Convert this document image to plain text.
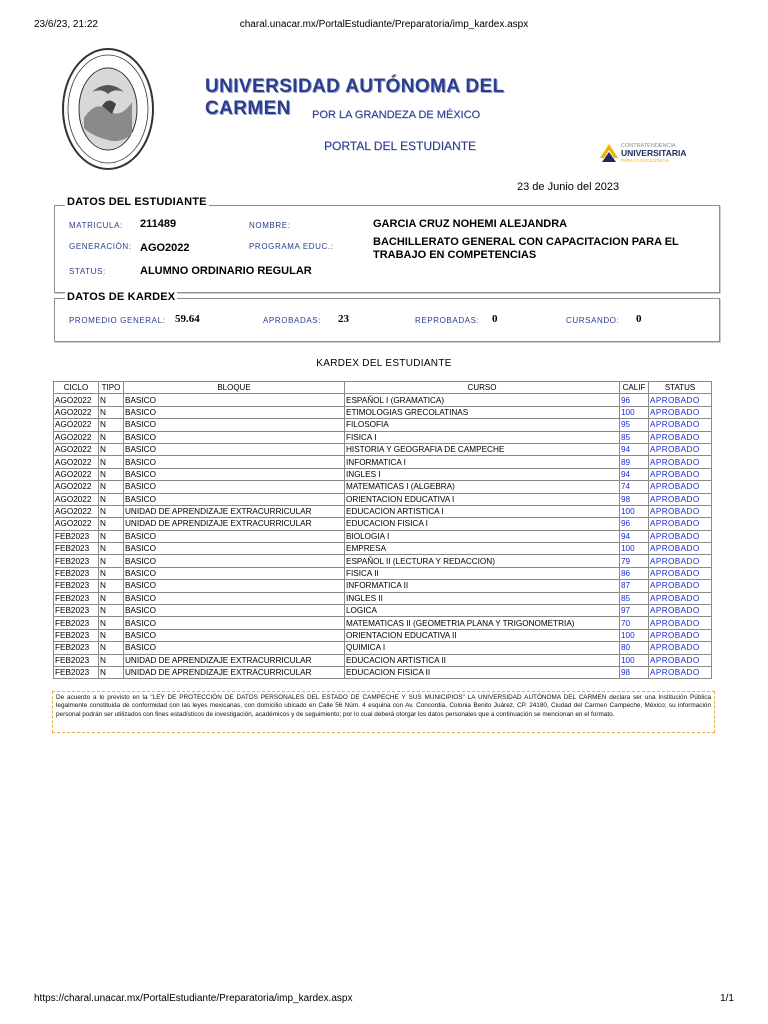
23/6/23, 21:22	charal.unacar.mx/PortalEstudiante/Preparatoria/imp_kardex.aspx
https://charal.unacar.mx/PortalEstudiante/Preparatoria/imp_kardex.aspx	1/1
UNIVERSIDAD AUTÓNOMA DEL CARMEN	POR LA GRANDEZA DE MÉXICO
PORTAL DEL ESTUDIANTE	CONTRATENDENCIA
UNIVERSITARIA
PARA LA EXCELENCIA
23 de Junio del 2023
DATOS DEL ESTUDIANTE
MATRICULA: 211489	NOMBRE:	GARCIA CRUZ NOHEMI ALEJANDRA
GENERACIÓN: AGO2022	PROGRAMA EDUC.:	BACHILLERATO GENERAL CON CAPACITACION PARA EL
TRABAJO EN COMPETENCIAS
STATUS:	ALUMNO ORDINARIO REGULAR
DATOS DE KARDEX
PROMEDIO GENERAL: 59.64	APROBADAS: 23	REPROBADAS: 0	CURSANDO: 0
KARDEX DEL ESTUDIANTE
CICLO	TIPO	BLOQUE	CURSO	CALIF	STATUS
AGO2022	N	BASICO	ESPAÑOL I (GRAMATICA)	96	APROBADO
AGO2022	N	BASICO	ETIMOLOGIAS GRECOLATINAS	100	APROBADO
AGO2022	N	BASICO	FILOSOFIA	95	APROBADO
AGO2022	N	BASICO	FISICA I	85	APROBADO
AGO2022	N	BASICO	HISTORIA Y GEOGRAFIA DE CAMPECHE	94	APROBADO
AGO2022	N	BASICO	INFORMATICA I	89	APROBADO
AGO2022	N	BASICO	INGLES I	94	APROBADO
AGO2022	N	BASICO	MATEMATICAS I (ALGEBRA)	74	APROBADO
AGO2022	N	BASICO	ORIENTACION EDUCATIVA I	98	APROBADO
AGO2022	N	UNIDAD DE APRENDIZAJE EXTRACURRICULAR	EDUCACION ARTISTICA I	100	APROBADO
AGO2022	N	UNIDAD DE APRENDIZAJE EXTRACURRICULAR	EDUCACION FISICA I	96	APROBADO
FEB2023	N	BASICO	BIOLOGIA I	94	APROBADO
FEB2023	N	BASICO	EMPRESA	100	APROBADO
FEB2023	N	BASICO	ESPAÑOL II (LECTURA Y REDACCION)	79	APROBADO
FEB2023	N	BASICO	FISICA II	86	APROBADO
FEB2023	N	BASICO	INFORMATICA II	87	APROBADO
FEB2023	N	BASICO	INGLES II	85	APROBADO
FEB2023	N	BASICO	LOGICA	97	APROBADO
FEB2023	N	BASICO	MATEMATICAS II (GEOMETRIA PLANA Y TRIGONOMETRIA)	70	APROBADO
FEB2023	N	BASICO	ORIENTACION EDUCATIVA II	100	APROBADO
FEB2023	N	BASICO	QUIMICA I	80	APROBADO
FEB2023	N	UNIDAD DE APRENDIZAJE EXTRACURRICULAR	EDUCACION ARTISTICA II	100	APROBADO
FEB2023	N	UNIDAD DE APRENDIZAJE EXTRACURRICULAR	EDUCACION FISICA II	98	APROBADO
De acuerdo a lo previsto en la "LEY DE PROTECCIÓN DE DATOS PERSONALES DEL ESTADO DE CAMPECHE Y SUS MUNICIPIOS" LA UNIVERSIDAD AUTÓNOMA DEL CARMEN declara ser una Institución Pública legalmente constituida de conformidad con las leyes mexicanas, con domicilio ubicado en Calle 56 Núm. 4 esquina con Av. Concordia, Colonia Benito Juárez, CP. 24180, Ciudad del Carmen Campeche, México; su información personal podrán ser utilizados con fines estadísticos de investigación, académicos y de seguimiento; por lo cual deberá otorgar los datos personales que a continuación se mencionan en el formato.
